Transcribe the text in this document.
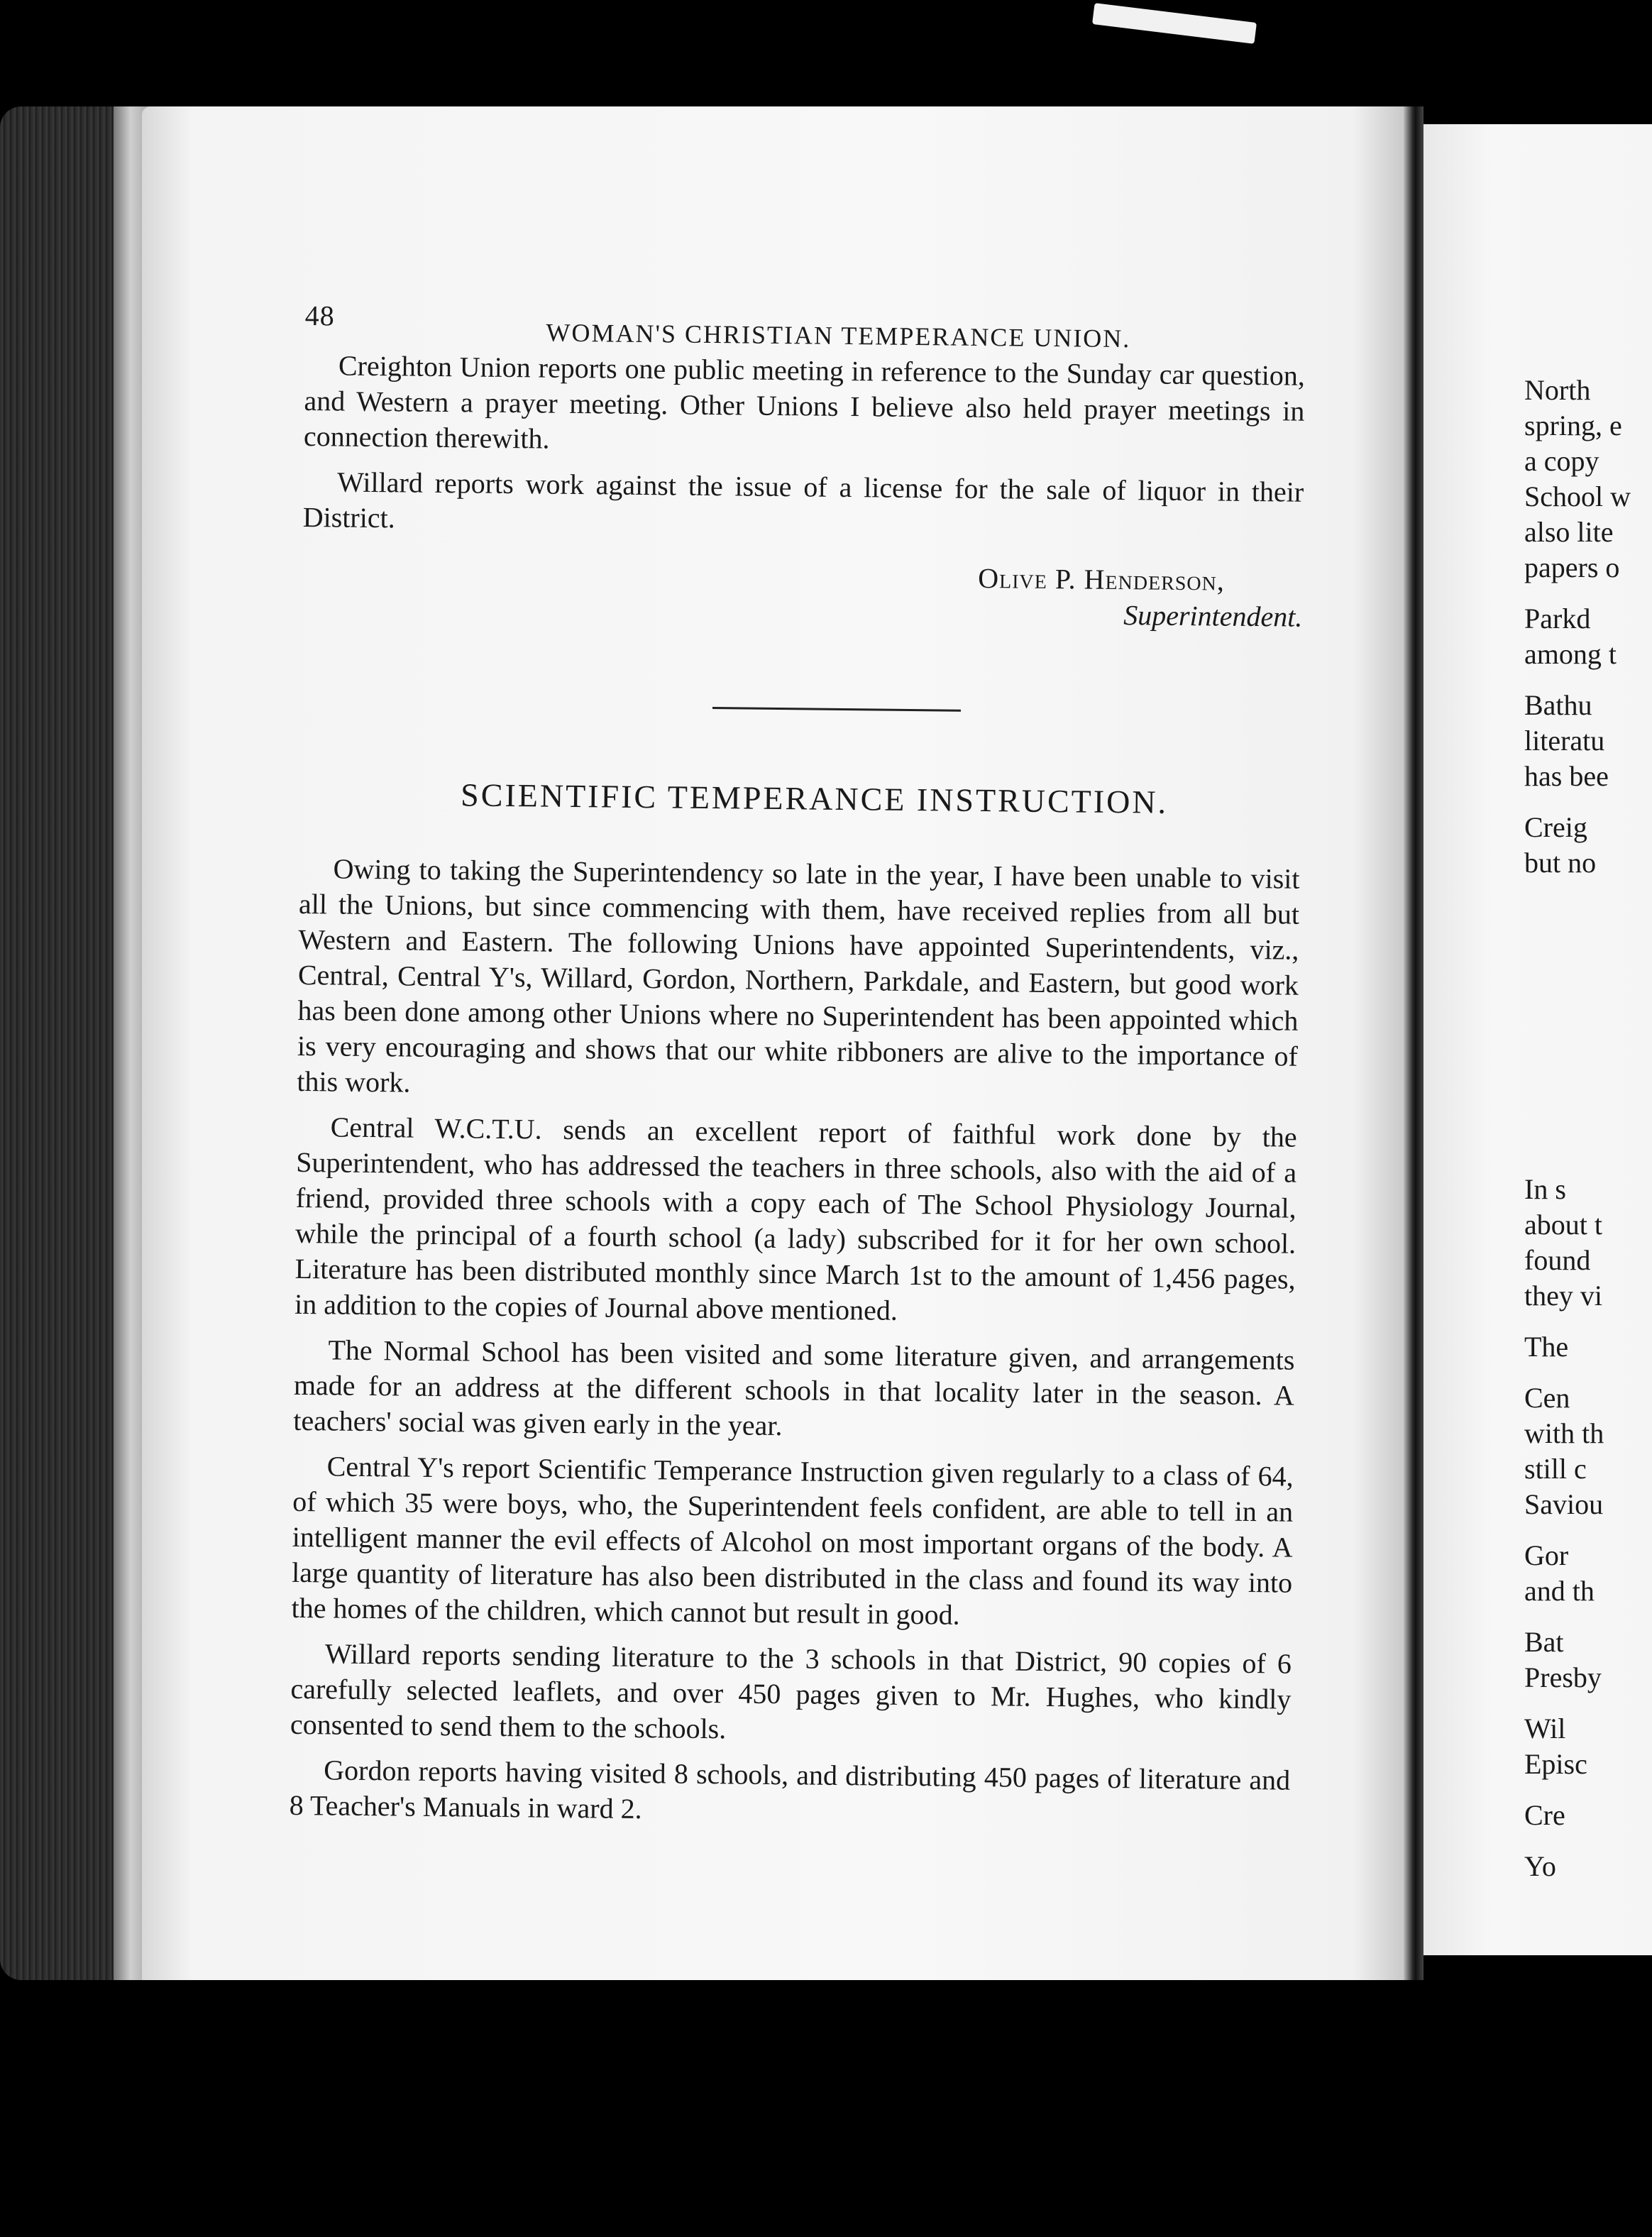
48
WOMAN'S CHRISTIAN TEMPERANCE UNION.

Creighton Union reports one public meeting in reference to the Sunday car question, and Western a prayer meeting. Other Unions I believe also held prayer meetings in connection therewith.

Willard reports work against the issue of a license for the sale of liquor in their District.

Olive P. Henderson,
Superintendent.
SCIENTIFIC TEMPERANCE INSTRUCTION.

Owing to taking the Superintendency so late in the year, I have been unable to visit all the Unions, but since commencing with them, have received replies from all but Western and Eastern. The following Unions have appointed Superintendents, viz., Central, Central Y's, Willard, Gordon, Northern, Parkdale, and Eastern, but good work has been done among other Unions where no Superintendent has been appointed which is very encouraging and shows that our white ribboners are alive to the importance of this work.

Central W.C.T.U. sends an excellent report of faithful work done by the Superintendent, who has addressed the teachers in three schools, also with the aid of a friend, provided three schools with a copy each of The School Physiology Journal, while the principal of a fourth school (a lady) subscribed for it for her own school. Literature has been distributed monthly since March 1st to the amount of 1,456 pages, in addition to the copies of Journal above mentioned.

The Normal School has been visited and some literature given, and arrangements made for an address at the different schools in that locality later in the season. A teachers' social was given early in the year.

Central Y's report Scientific Temperance Instruction given regularly to a class of 64, of which 35 were boys, who, the Superintendent feels confident, are able to tell in an intelligent manner the evil effects of Alcohol on most important organs of the body. A large quantity of literature has also been distributed in the class and found its way into the homes of the children, which cannot but result in good.

Willard reports sending literature to the 3 schools in that District, 90 copies of 6 carefully selected leaflets, and over 450 pages given to Mr. Hughes, who kindly consented to send them to the schools.

Gordon reports having visited 8 schools, and distributing 450 pages of literature and 8 Teacher's Manuals in ward 2.

North
spring, e
a copy
School w
also lite
papers o
Parkd
among t
Bathu
literatu
has bee
Creig
but no
In s
about t
found
they vi
The
Cen
with th
still c
Saviou
Gor
and th
Bat
Presby
Wil
Episc
Cre
Yo
